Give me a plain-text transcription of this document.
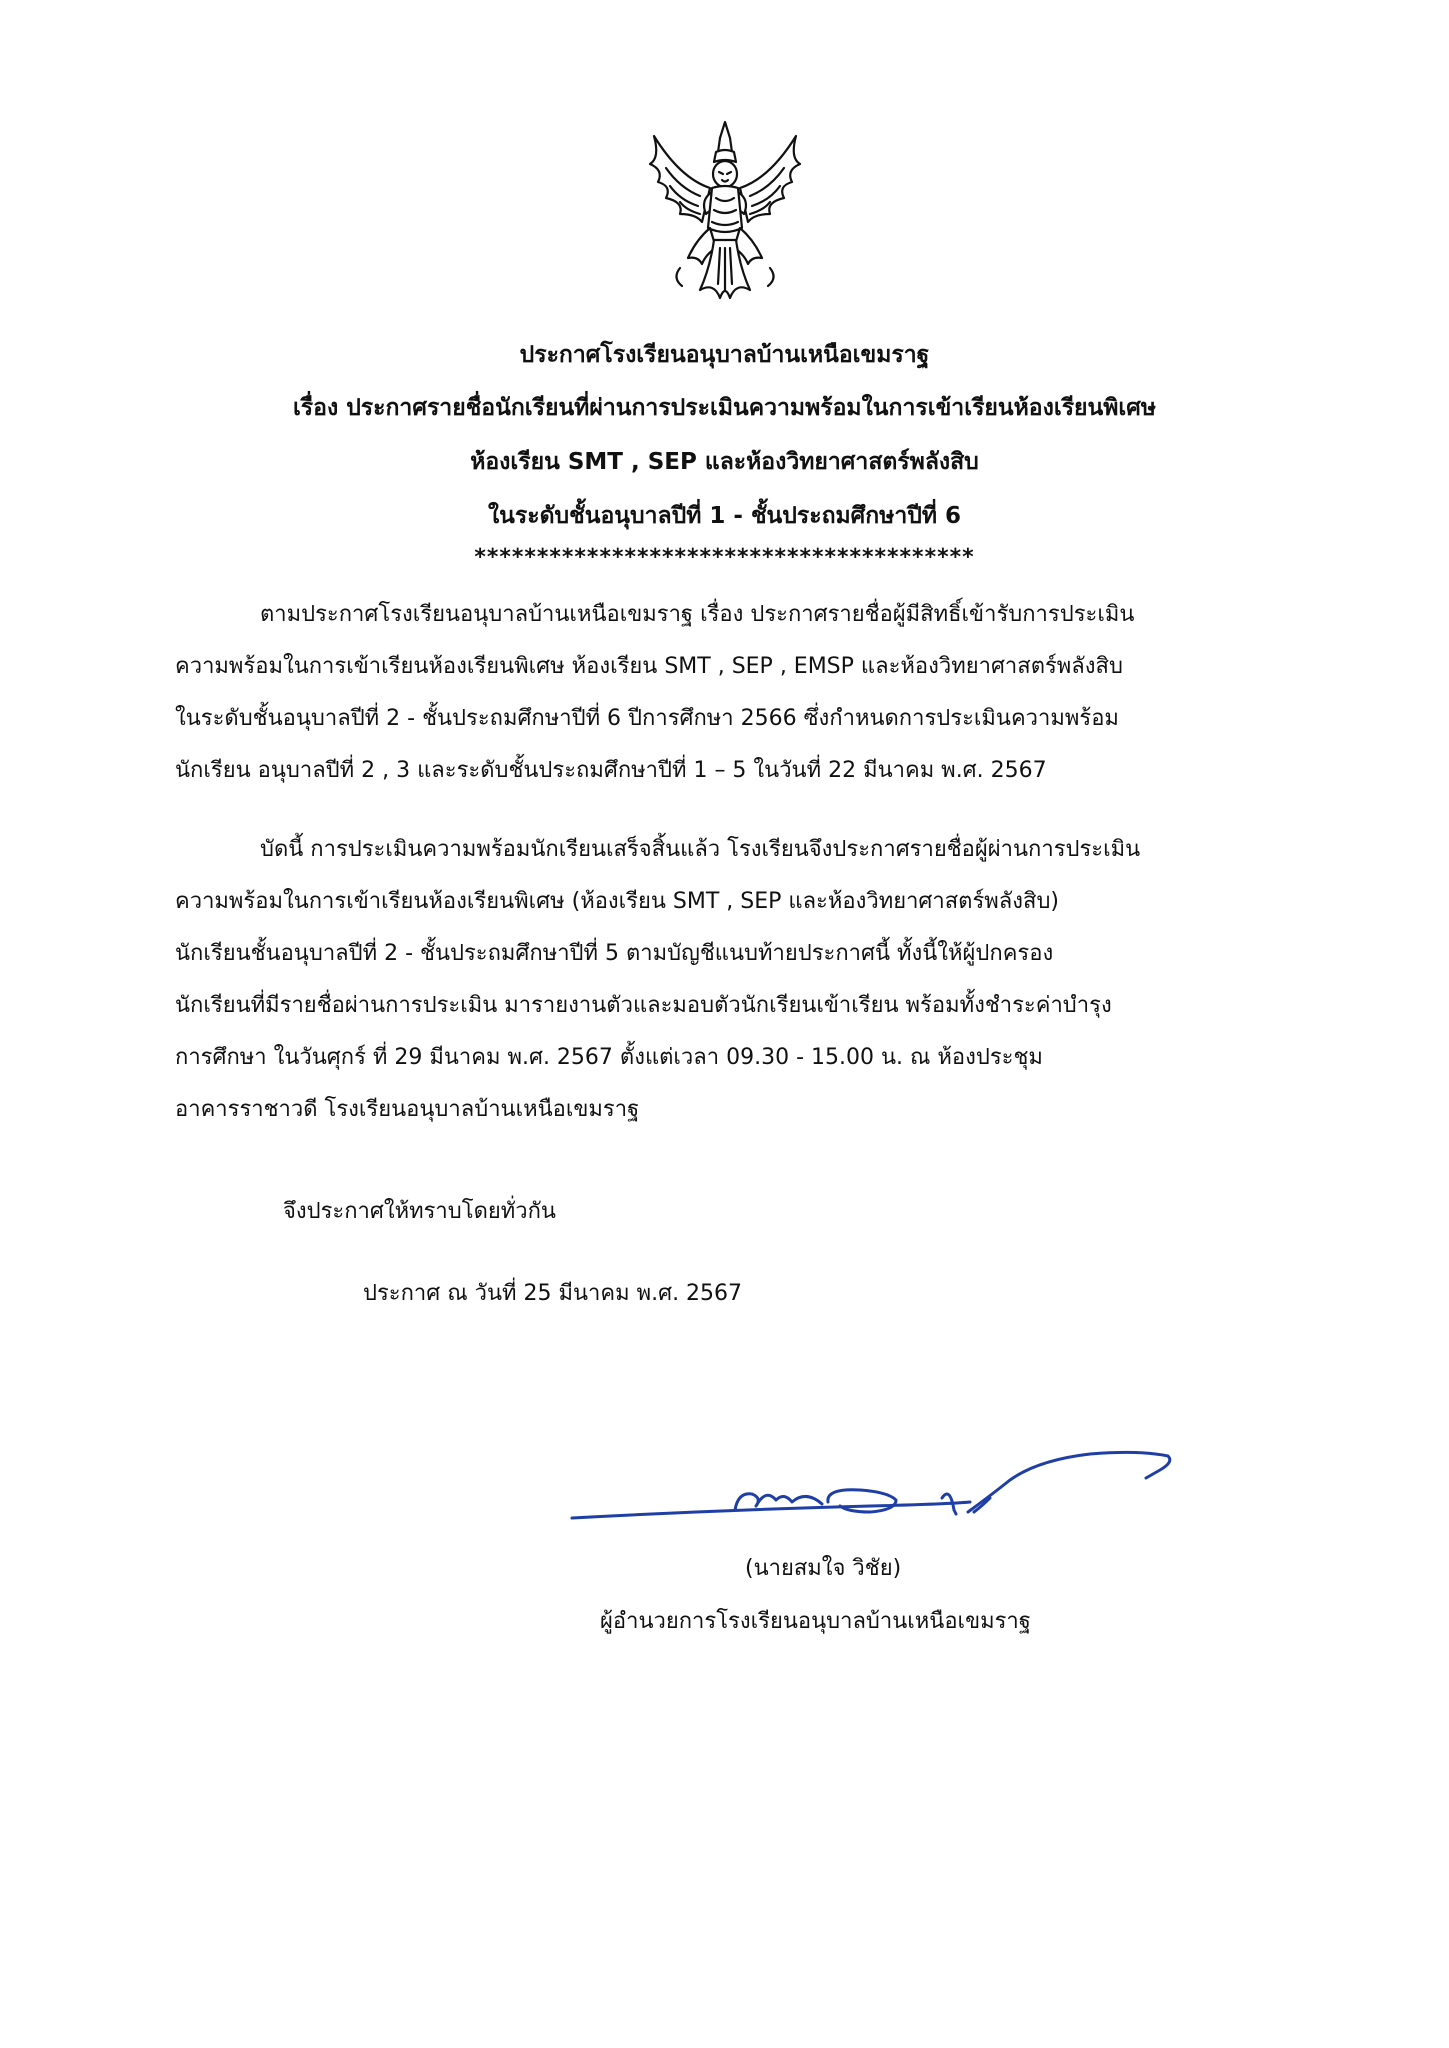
ประกาศโรงเรียนอนุบาลบ้านเหนือเขมราฐ
เรื่อง ประกาศรายชื่อนักเรียนที่ผ่านการประเมินความพร้อมในการเข้าเรียนห้องเรียนพิเศษ
ห้องเรียน SMT , SEP และห้องวิทยาศาสตร์พลังสิบ
ในระดับชั้นอนุบาลปีที่ 1 - ชั้นประถมศึกษาปีที่ 6
****************************************
ตามประกาศโรงเรียนอนุบาลบ้านเหนือเขมราฐ เรื่อง ประกาศรายชื่อผู้มีสิทธิ์เข้ารับการประเมิน
ความพร้อมในการเข้าเรียนห้องเรียนพิเศษ ห้องเรียน SMT , SEP , EMSP และห้องวิทยาศาสตร์พลังสิบ
ในระดับชั้นอนุบาลปีที่ 2 - ชั้นประถมศึกษาปีที่ 6 ปีการศึกษา 2566 ซึ่งกำหนดการประเมินความพร้อม
นักเรียน อนุบาลปีที่ 2 , 3 และระดับชั้นประถมศึกษาปีที่ 1 – 5 ในวันที่ 22 มีนาคม พ.ศ. 2567
บัดนี้ การประเมินความพร้อมนักเรียนเสร็จสิ้นแล้ว โรงเรียนจึงประกาศรายชื่อผู้ผ่านการประเมิน
ความพร้อมในการเข้าเรียนห้องเรียนพิเศษ (ห้องเรียน SMT , SEP และห้องวิทยาศาสตร์พลังสิบ)
นักเรียนชั้นอนุบาลปีที่ 2 - ชั้นประถมศึกษาปีที่ 5 ตามบัญชีแนบท้ายประกาศนี้ ทั้งนี้ให้ผู้ปกครอง
นักเรียนที่มีรายชื่อผ่านการประเมิน มารายงานตัวและมอบตัวนักเรียนเข้าเรียน พร้อมทั้งชำระค่าบำรุง
การศึกษา ในวันศุกร์ ที่ 29 มีนาคม พ.ศ. 2567 ตั้งแต่เวลา 09.30 - 15.00 น. ณ ห้องประชุม
อาคารราชาวดี โรงเรียนอนุบาลบ้านเหนือเขมราฐ
จึงประกาศให้ทราบโดยทั่วกัน
ประกาศ ณ วันที่ 25 มีนาคม พ.ศ. 2567
(นายสมใจ วิชัย)
ผู้อำนวยการโรงเรียนอนุบาลบ้านเหนือเขมราฐ
